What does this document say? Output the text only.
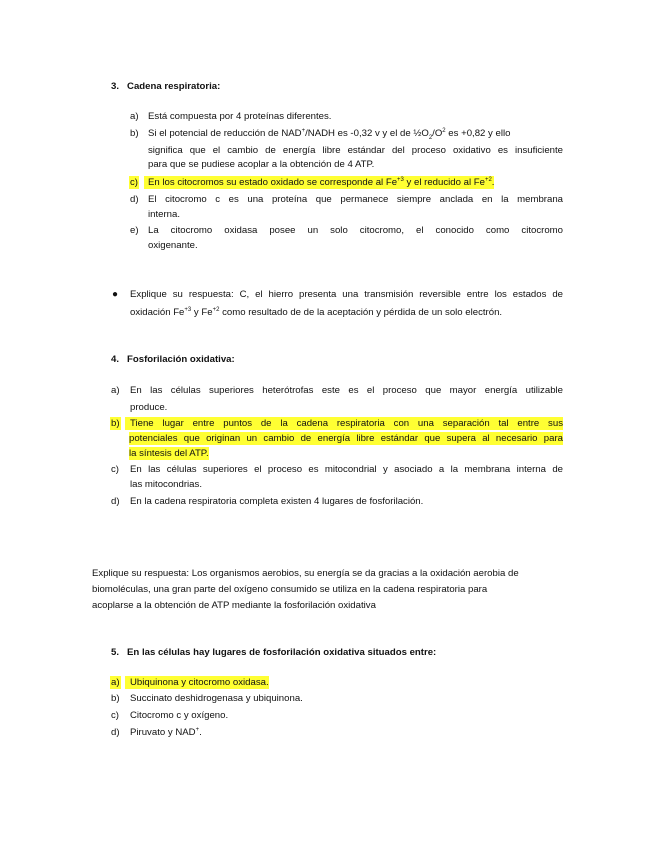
3. Cadena respiratoria:
a) Está compuesta por 4 proteínas diferentes.
b) Si el potencial de reducción de NAD+/NADH es -0,32 v y el de $\frac{1}{2}O_2/O^2$ es +0,82 y ello
significa que el cambio de energía libre estándar del proceso oxidativo es insuficiente
para que se pudiese acoplar a la obtención de 4 ATP.
c)	En los citocromos su estado oxidado se corresponde al $Fe^{+3}$ y el reducido al $Fe^{+2}$.
d) El citocromo c es una proteína que permanece siempre anclada en la membrana
interna.
e) La citocromo oxidasa posee un solo citocromo, el conocido como citocromo
oxigenante.
● Explique su respuesta: C, el hierro presenta una transmisión reversible entre los estados de
oxidación $Fe^{+3}$ y $Fe^{+2}$ como resultado de de la aceptación y pérdida de un solo electrón.
4. Fosforilación oxidativa:
a) En las células superiores heterótrofas este es el proceso que mayor energía utilizable
produce.
b)	Tiene lugar entre puntos de la cadena respiratoria con una separación tal entre sus
potenciales que originan un cambio de energía libre estándar que supera al necesario para
la síntesis del ATP.
c) En las células superiores el proceso es mitocondrial y asociado a la membrana interna de
las mitocondrias.
d) En la cadena respiratoria completa existen 4 lugares de fosforilación.
Explique su respuesta: Los organismos aerobios, su energía se da gracias a la oxidación aerobia de
biomoléculas, una gran parte del oxígeno consumido se utiliza en la cadena respiratoria para
acoplarse a la obtención de ATP mediante la fosforilación oxidativa
5. En las células hay lugares de fosforilación oxidativa situados entre:
a)	Ubiquinona y citocromo oxidasa.
b) Succinato deshidrogenasa y ubiquinona.
c) Citocromo c y oxígeno.
d) Piruvato y NAD+.
